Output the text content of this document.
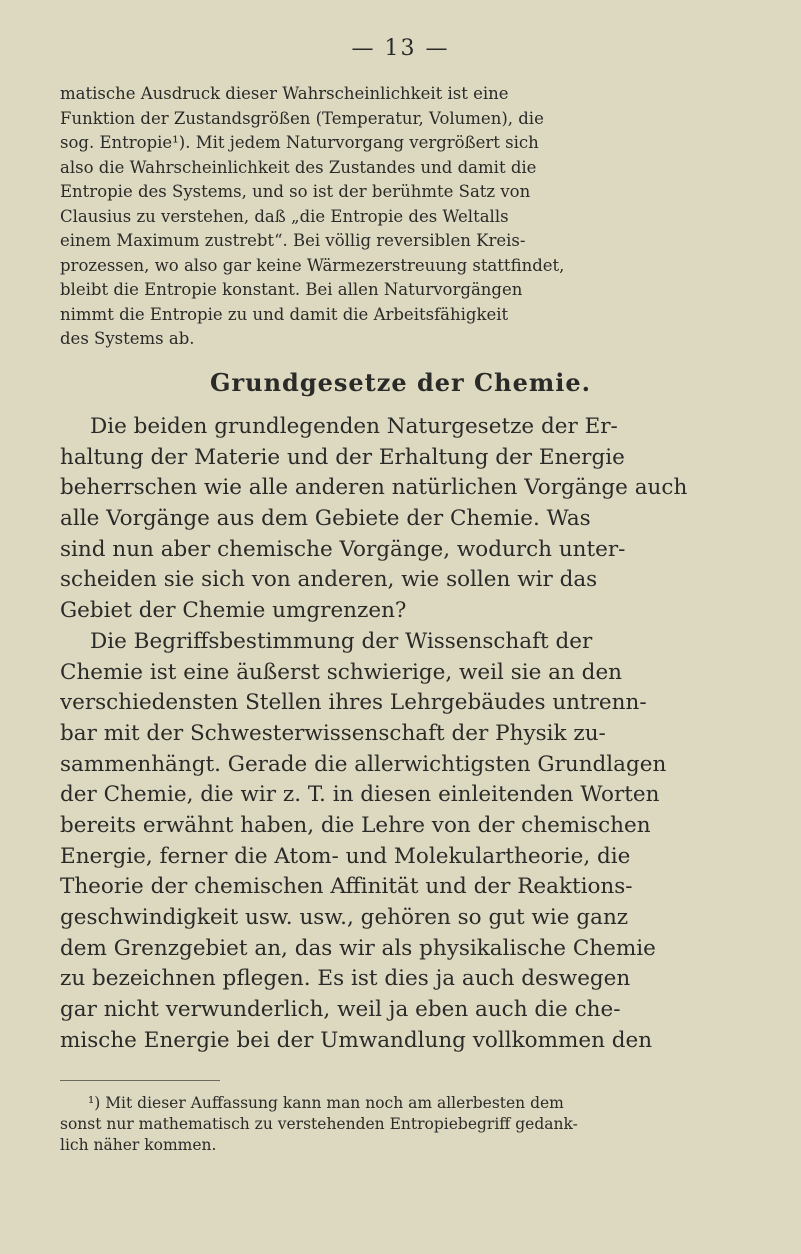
— 13 —
matische Ausdruck dieser Wahrscheinlichkeit ist eine
Funktion der Zustandsgrößen (Temperatur, Volumen), die
sog. Entropie¹). Mit jedem Naturvorgang vergrößert sich
also die Wahrscheinlichkeit des Zustandes und damit die
Entropie des Systems, und so ist der berühmte Satz von
Clausius zu verstehen, daß „die Entropie des Weltalls
einem Maximum zustrebt“. Bei völlig reversiblen Kreis-
prozessen, wo also gar keine Wärmezerstreuung stattfindet,
bleibt die Entropie konstant. Bei allen Naturvorgängen
nimmt die Entropie zu und damit die Arbeitsfähigkeit
des Systems ab.
Grundgesetze der Chemie.
Die beiden grundlegenden Naturgesetze der Er-
haltung der Materie und der Erhaltung der Energie
beherrschen wie alle anderen natürlichen Vorgänge auch
alle Vorgänge aus dem Gebiete der Chemie. Was
sind nun aber chemische Vorgänge, wodurch unter-
scheiden sie sich von anderen, wie sollen wir das
Gebiet der Chemie umgrenzen?
Die Begriffsbestimmung der Wissenschaft der
Chemie ist eine äußerst schwierige, weil sie an den
verschiedensten Stellen ihres Lehrgebäudes untrenn-
bar mit der Schwesterwissenschaft der Physik zu-
sammenhängt. Gerade die allerwichtigsten Grundlagen
der Chemie, die wir z. T. in diesen einleitenden Worten
bereits erwähnt haben, die Lehre von der chemischen
Energie, ferner die Atom- und Molekulartheorie, die
Theorie der chemischen Affinität und der Reaktions-
geschwindigkeit usw. usw., gehören so gut wie ganz
dem Grenzgebiet an, das wir als physikalische Chemie
zu bezeichnen pflegen. Es ist dies ja auch deswegen
gar nicht verwunderlich, weil ja eben auch die che-
mische Energie bei der Umwandlung vollkommen den
¹) Mit dieser Auffassung kann man noch am allerbesten dem
sonst nur mathematisch zu verstehenden Entropiebegriff gedank-
lich näher kommen.
